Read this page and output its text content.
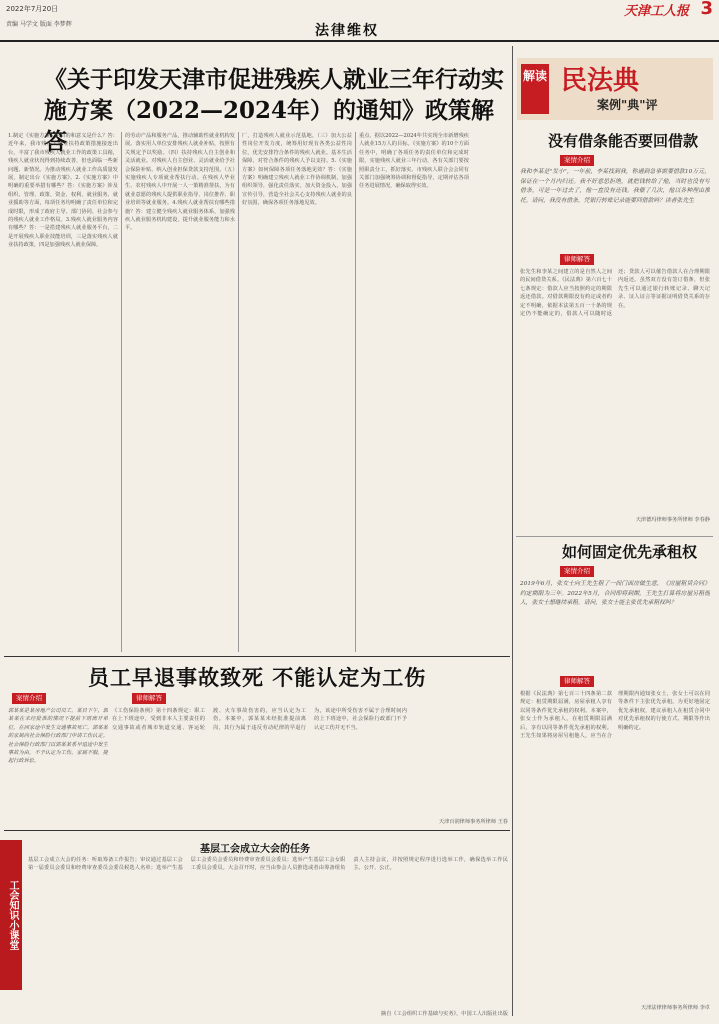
2022年7月20日
责编 马学文 版面 李梦辉	法律维权
天津工人报 3
《关于印发天津市促进残疾人就业三年行动实施方案（2022—2024年）的通知》政策解答
1.制定《实施方案》的目的和意义是什么？答：近年来，我市残疾人就业扶持政策措施接连出台，丰富了我市残疾人就业工作的政策工具箱，残疾人就业状况得到持续改善，但也面临一些新问题、新情况。为推动残疾人就业工作高质量发展，制定出台《实施方案》。2.《实施方案》中明确的重要举措有哪些？答：《实施方案》涉及组织、管理、政策、资金、权利、就业服务、就业援助等方面，每项任务均明确了责任单位和完成时限，形成了政府主导、部门协同、社会参与的残疾人就业工作格局。3.残疾人就业服务内容有哪些？答：一是搭建残疾人就业服务平台，二是开展残疾人职业技能培训，三是落实残疾人就业扶持政策，四是加强残疾人就业保障。
的劳动产品和服务产品，推动辅助性就业机构发展。落实用人单位安排残疾人就业补贴，按照有关规定予以奖励。（四）扶持残疾人自主创业和灵活就业。对残疾人自主创业、灵活就业给予社会保险补贴，纳入创业担保贷款支持范围。（五）实施残疾人专项就业帮扶行动。在残疾人毕业生、农村残疾人中开展一人一策精准帮扶，为有就业意愿的残疾人提供职业指导、岗位推荐、职业培训等就业服务。4.残疾人就业帮扶有哪些措施？答：建立健全残疾人就业服务体系，加强残疾人就业服务机构建设，提升就业服务能力和水平。
厂，打造残疾人就业示范基地。（三）加大公益性岗位开发力度，统筹用好现有各类公益性岗位，优先安排符合条件的残疾人就业。基本生活保障、对符合条件的残疾人予以支持。5.《实施方案》如何保障各项任务落地见效？答：《实施方案》明确建立残疾人就业工作协调机制，加强组织领导，强化责任落实，加大资金投入，加强宣传引导，营造全社会关心支持残疾人就业的良好氛围，确保各项任务落地见效。
重点、据以2022—2024年共实现全市新增残疾人就业15万人的目标。《实施方案》的10个方面任务中，明确了各项任务的责任单位和完成时限，实施残疾人就业三年行动，各有关部门要按照职责分工，抓好落实。市残疾人联合会会同有关部门加强统筹协调和督促指导，定期评估各项任务进展情况，确保取得实效。
解读 民法典
案例"典"评
没有借条能否要回借款
案情介绍
我和李某是"发小"，一年前，李某找到我，称遇到急事需要借款10万元，保证在一个月内归还。我不好意思拒绝，就把钱转给了他，当时也没有写借条。可是一年过去了，他一直没有还钱。我催了几次，他以各种理由推托。请问，我没有借条，凭银行转账记录能要回借款吗？读者张先生
律师解答
张先生和李某之间建立的是自然人之间的民间借贷关系。《民法典》第六百七十七条规定：借款人应当按照约定的期限返还借款。对借款期限没有约定或者约定不明确，依据本法第五百一十条的规定仍不能确定的，借款人可以随时返还；贷款人可以催告借款人在合理期限内返还。虽然双方没有签订借条，但张先生可以通过银行转账记录、聊天记录、证人证言等证据证明借贷关系的存在。
天津德玛律师事务所律师 李春静
如何固定优先承租权
案情介绍
2019年6月，张女士向王先生租了一间门面房做生意，《房屋租赁合同》约定期限为三年。2022年5月，合同即将到期，王先生打算将房屋另租他人，张女士想继续承租。请问，张女士能主张优先承租权吗？
律师解答
根据《民法典》第七百三十四条第二款规定：租赁期限届满，房屋承租人享有以同等条件优先承租的权利。本案中，张女士作为承租人，在租赁期限届满后，享有以同等条件优先承租的权利。王先生如果将房屋另租他人，应当在合理期限内通知张女士，张女士可以在同等条件下主张优先承租。为更好地固定优先承租权，建议承租人在租赁合同中对优先承租权的行使方式、期限等作出明确约定。
天津法律律师事务所律师 李卓
员工早退事故致死 不能认定为工伤
案情介绍
郭某某是某房地产公司员工。某日下午，郭某某在未经批准的情况下提前下班离开单位，在回家途中发生交通事故死亡。郭某某的家属向社会保险行政部门申请工伤认定。社会保险行政部门以郭某某系早退途中发生事故为由，不予认定为工伤。家属不服，提起行政诉讼。
律师解答
《工伤保险条例》第十四条规定：职工在上下班途中，受到非本人主要责任的交通事故或者城市轨道交通、客运轮渡、火车事故伤害的，应当认定为工伤。本案中，郭某某未经批准提前离岗，其行为属于违反劳动纪律的早退行为，该途中所受伤害不属于合理时间内的上下班途中，社会保险行政部门不予认定工伤并无不当。
天津百润律师事务所律师 王春
工会知识小课堂
基层工会成立大会的任务
基层工会成立大会的任务：听取筹备工作报告；审议通过基层工会第一届委员会委员和经费审查委员会委员候选人名单；选举产生基层工会委员会委员和经费审查委员会委员；选举产生基层工会女职工委员会委员。大会召开时，应当由参会人员推选或者由筹备组负责人主持会议，并按照规定程序进行选举工作，确保选举工作民主、公开、公正。
摘自《工会组织工作基础与实务》，中国工人出版社出版
